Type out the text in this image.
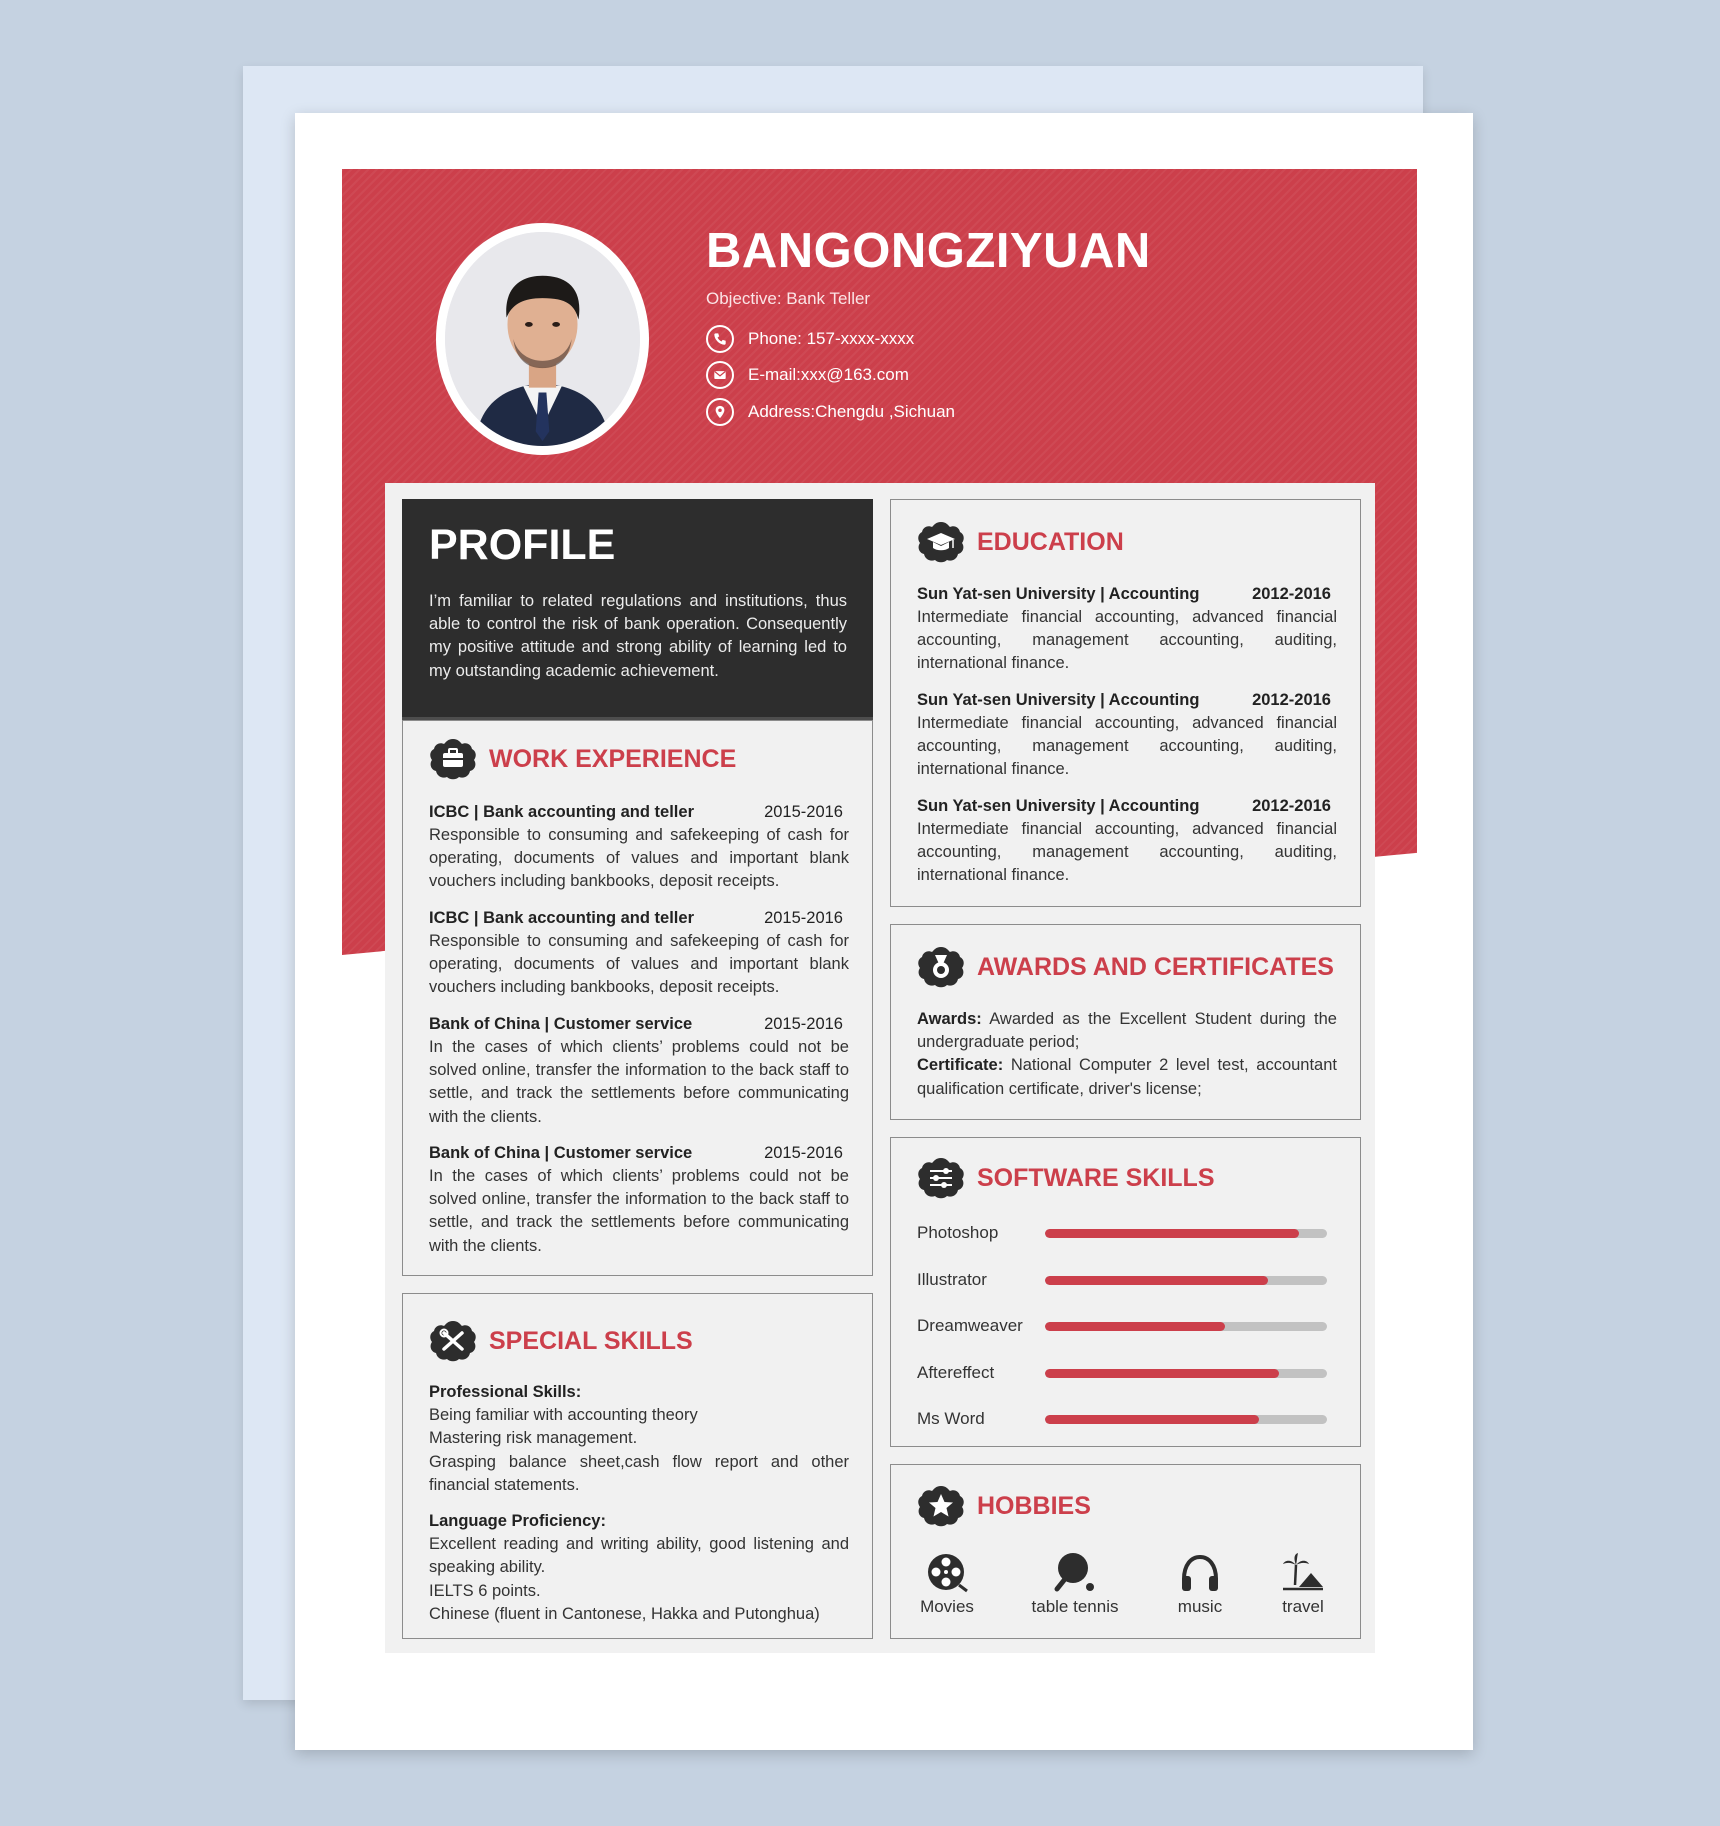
BANGONGZIYUAN
Objective: Bank Teller
Phone: 157-xxxx-xxxx
E-mail:xxx@163.com
Address:Chengdu ,Sichuan
PROFILE
I’m familiar to related regulations and institutions, thus able to control the risk of bank operation. Consequently my positive attitude and strong ability of learning led to my outstanding academic achievement.
WORK EXPERIENCE
ICBC | Bank accounting and teller	2015-2016
Responsible to consuming and safekeeping of cash for operating, documents of values and important blank vouchers including bankbooks, deposit receipts.
ICBC | Bank accounting and teller	2015-2016
Responsible to consuming and safekeeping of cash for operating, documents of values and important blank vouchers including bankbooks, deposit receipts.
Bank of China | Customer service	2015-2016
In the cases of which clients’ problems could not be solved online, transfer the information to the back staff to settle, and track the settlements before communicating with the clients.
Bank of China | Customer service	2015-2016
In the cases of which clients’ problems could not be solved online, transfer the information to the back staff to settle, and track the settlements before communicating with the clients.
SPECIAL SKILLS
Professional Skills:
Being familiar with accounting theory
Mastering risk management.
Grasping balance sheet,cash flow report and other financial statements.
Language Proficiency:
Excellent reading and writing ability, good listening and speaking ability.
IELTS 6 points.
Chinese (fluent in Cantonese, Hakka and Putonghua)
EDUCATION
Sun Yat-sen University | Accounting	2012-2016
Intermediate financial accounting, advanced financial accounting, management accounting, auditing, international finance.
Sun Yat-sen University | Accounting	2012-2016
Intermediate financial accounting, advanced financial accounting, management accounting, auditing, international finance.
Sun Yat-sen University | Accounting	2012-2016
Intermediate financial accounting, advanced financial accounting, management accounting, auditing, international finance.
AWARDS AND CERTIFICATES
Awards: Awarded as the Excellent Student during the undergraduate period;
Certificate: National Computer 2 level test, accountant qualification certificate, driver's license;
SOFTWARE SKILLS
Photoshop
Illustrator
Dreamweaver
Aftereffect
Ms Word
HOBBIES
Movies	table tennis	music	travel
